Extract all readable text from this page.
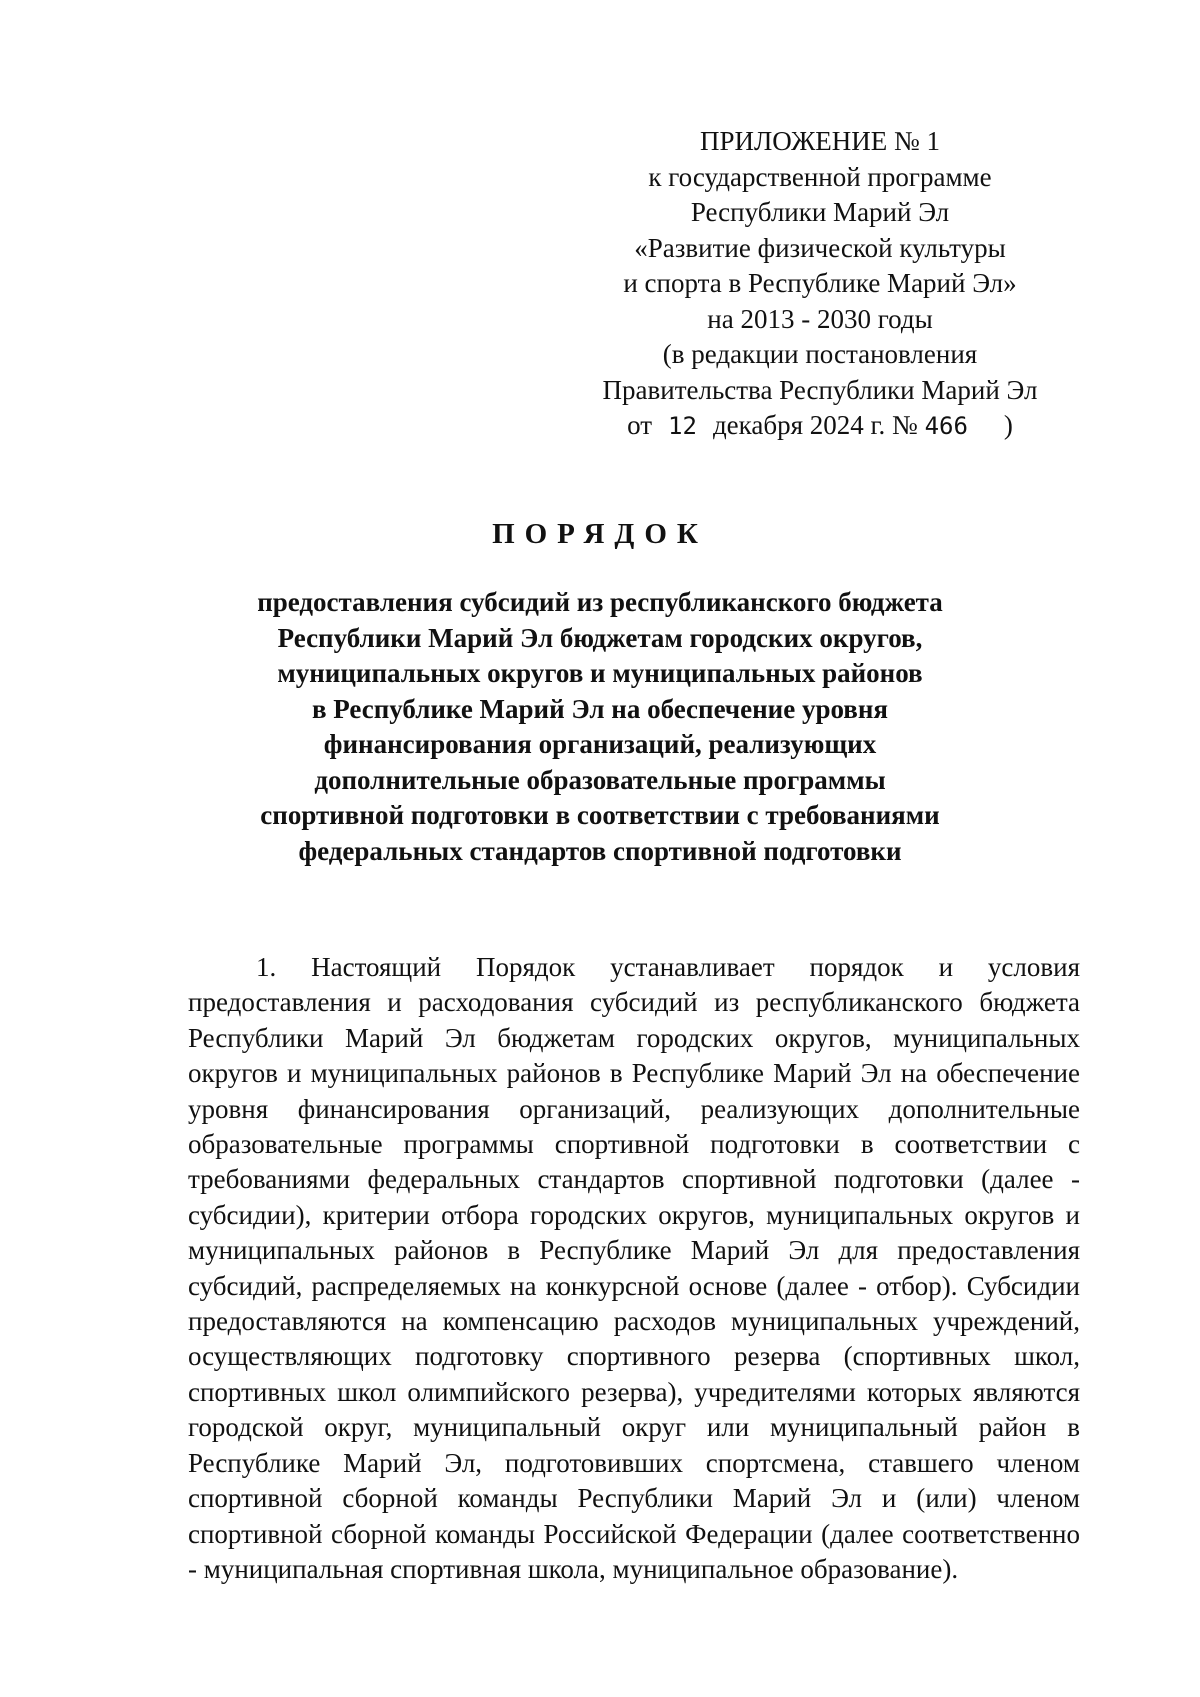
ПРИЛОЖЕНИЕ № 1
к государственной программе
Республики Марий Эл
«Развитие физической культуры
и спорта в Республике Марий Эл»
на 2013 - 2030 годы
(в редакции постановления
Правительства Республики Марий Эл
от 12 декабря 2024 г. № 466 )
ПОРЯДОК
предоставления субсидий из республиканского бюджета
Республики Марий Эл бюджетам городских округов,
муниципальных округов и муниципальных районов
в Республике Марий Эл на обеспечение уровня
финансирования организаций, реализующих
дополнительные образовательные программы
спортивной подготовки в соответствии с требованиями
федеральных стандартов спортивной подготовки

1. Настоящий Порядок устанавливает порядок и условия предоставления и расходования субсидий из республиканского бюджета Республики Марий Эл бюджетам городских округов, муниципальных округов и муниципальных районов в Республике Марий Эл на обеспечение уровня финансирования организаций, реализующих дополнительные образовательные программы спортивной подготовки в соответствии с требованиями федеральных стандартов спортивной подготовки (далее - субсидии), критерии отбора городских округов, муниципальных округов и муниципальных районов в Республике Марий Эл для предоставления субсидий, распределяемых на конкурсной основе (далее - отбор). Субсидии предоставляются на компенсацию расходов муниципальных учреждений, осуществляющих подготовку спортивного резерва (спортивных школ, спортивных школ олимпийского резерва), учредителями которых являются городской округ, муниципальный округ или муниципальный район в Республике Марий Эл, подготовивших спортсмена, ставшего членом спортивной сборной команды Республики Марий Эл и (или) членом спортивной сборной команды Российской Федерации (далее соответственно - муниципальная спортивная школа, муниципальное образование).
